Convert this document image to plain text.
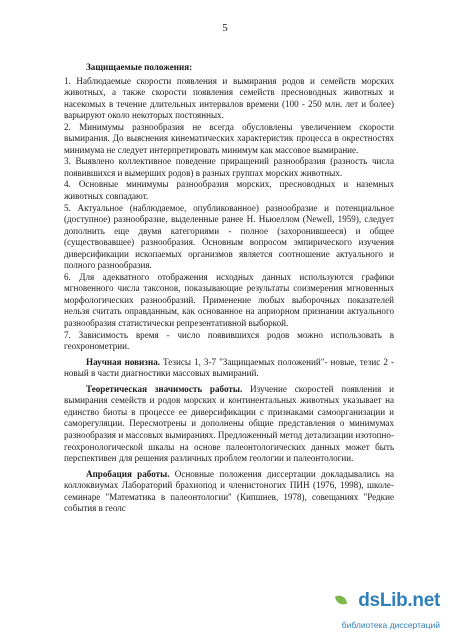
5
Защищаемые положения:

1. Наблюдаемые скорости появления и вымирания родов и семейств морских животных, а также скорости появления семейств пресноводных животных и насекомых в течение длительных интервалов времени (100 - 250 млн. лет и более) варьируют около некоторых постоянных.

2. Минимумы разнообразия не всегда обусловлены увеличением скорости вымирания. До выяснения кинематических характеристик процесса в окрестностях минимума не следует интерпретировать минимум как массовое вымирание.

3. Выявлено коллективное поведение приращений разнообразия (разность числа появившихся и вымерших родов) в разных группах морских животных.

4. Основные минимумы разнообразия морских, пресноводных и наземных животных совпадают.

5. Актуальное (наблюдаемое, опубликованное) разнообразие и потенциальное (доступное) разнообразие, выделенные ранее Н. Ньюеллом (Newell, 1959), следует дополнить еще двумя категориями - полное (захоронившееся) и общее (существовавшее) разнообразия. Основным вопросом эмпирического изучения диверсификации ископаемых организмов является соотношение актуального и полного разнообразия.

6. Для адекватного отображения исходных данных используются графики мгновенного числа таксонов, показывающие результаты соизмерения мгновенных морфологических разнообразий. Применение любых выборочных показателей нельзя считать оправданным, как основанное на априорном признании актуального разнообразия статистически репрезентативной выборкой.

7. Зависимость время - число появившихся родов можно использовать в геохронометрии.

Научная новизна. Тезисы 1, 3-7 "Защищаемых положений"- новые, тезис 2 - новый в части диагностики массовых вымираний.

Теоретическая значимость работы. Изучение скоростей появления и вымирания семейств и родов морских и континентальных животных указывает на единство биоты в процессе ее диверсификации с признаками самоорганизации и саморегуляции. Пересмотрены и дополнены общие представления о минимумах разнообразия и массовых вымираниях. Предложенный метод детализации изотопно-геохронологической шкалы на основе палеонтологических данных может быть перспективен для решения различных проблем геологии и палеонтологии.

Апробация работы. Основные положения диссертации докладывались на коллоквиумах Лабораторий брахиопод и членистоногих ПИН (1976, 1998), школе-семинаре "Математика в палеонтологии" (Кипшнев, 1978), совещаниях "Редкие события в геолс

dsLib.net
библиотека диссертаций
